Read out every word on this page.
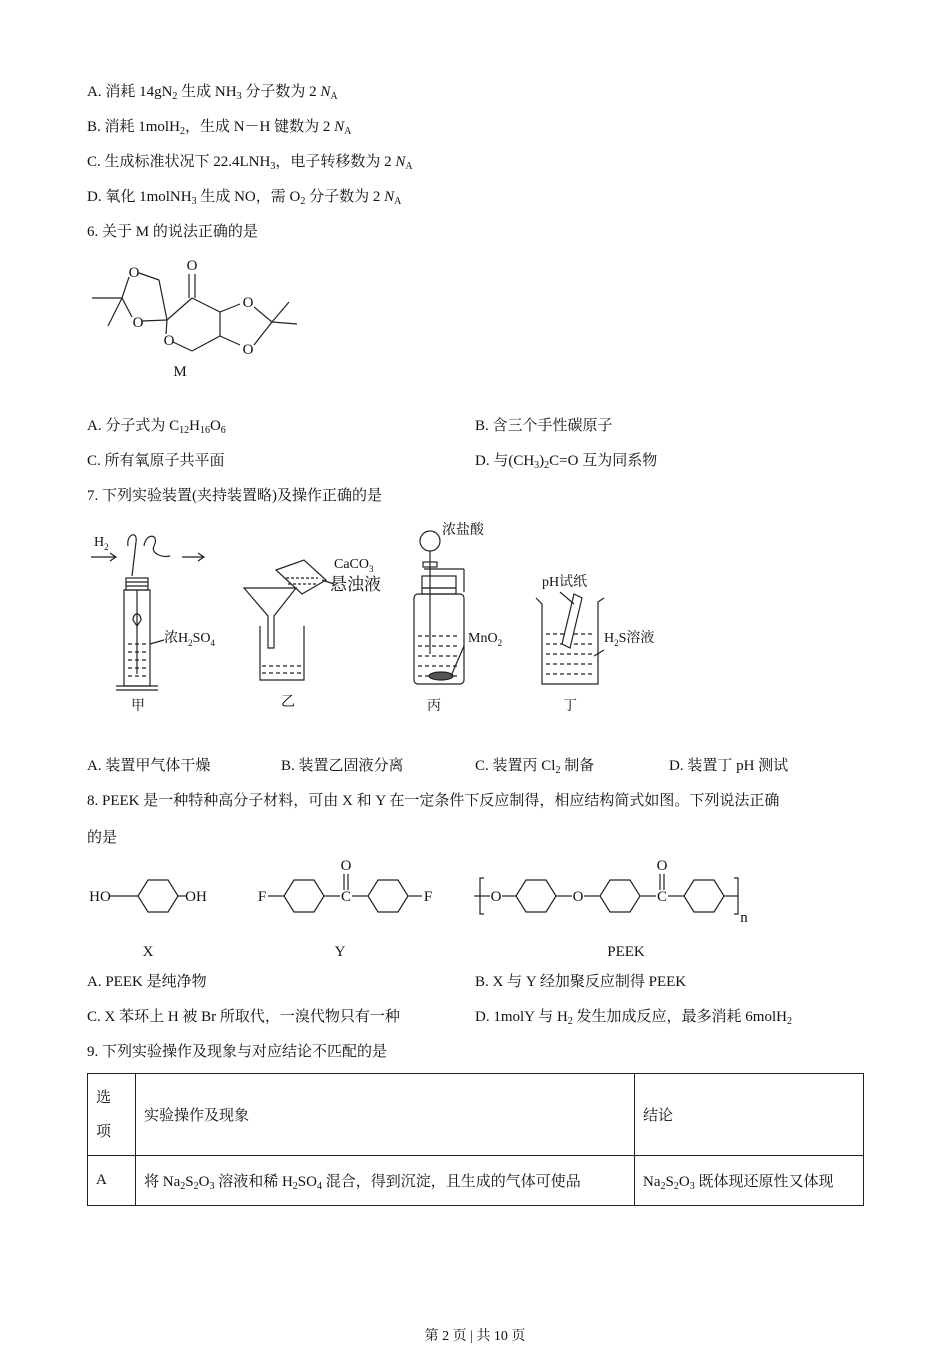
A. 消耗 $14gN_2$ 生成 $NH_3$ 分子数为 2 $N_A$
B. 消耗 1molH$_2$，生成 N－H 键数为 2 $N_A$
C. 生成标准状况下 $22.4LNH_3$，电子转移数为 2 $N_A$
D. 氧化 1molNH$_3$ 生成 NO，需 $O_2$ 分子数为 2 $N_A$
6. 关于 M 的说法正确的是
O
O
O
O
O
O
M
A. 分子式为 $C_{12}H_{16}O_6$	B. 含三个手性碳原子
C. 所有氧原子共平面	D. 与$(CH_3)_2C=O$ 互为同系物
7. 下列实验装置(夹持装置略)及操作正确的是
$H_2$
浓$H_2SO_4$
CaCO$_3$
悬浊液
浓盐酸
MnO$_2$
pH试纸
$H_2S$溶液
甲	乙	丙	丁
A. 装置甲气体干燥	B. 装置乙固液分离	C. 装置丙 $Cl_2$ 制备	D. 装置丁 pH 测试
8. PEEK 是一种特种高分子材料，可由 X 和 Y 在一定条件下反应制得，相应结构简式如图。下列说法正确
的是
HO	OH	F	C
O
F	O	O	C
O
n
X	Y	PEEK
A. PEEK 是纯净物	B. X 与 Y 经加聚反应制得 PEEK
C. X 苯环上 H 被 Br 所取代，一溴代物只有一种	D. 1molY 与 $H_2$ 发生加成反应，最多消耗 6molH$_2$
9. 下列实验操作及现象与对应结论不匹配的是
选
项	实验操作及现象	结论
A	将 $Na_2S_2O_3$ 溶液和稀 $H_2SO_4$ 混合，得到沉淀，且生成的气体可使品	$Na_2S_2O_3$ 既体现还原性又体现
第 2 页 | 共 10 页
